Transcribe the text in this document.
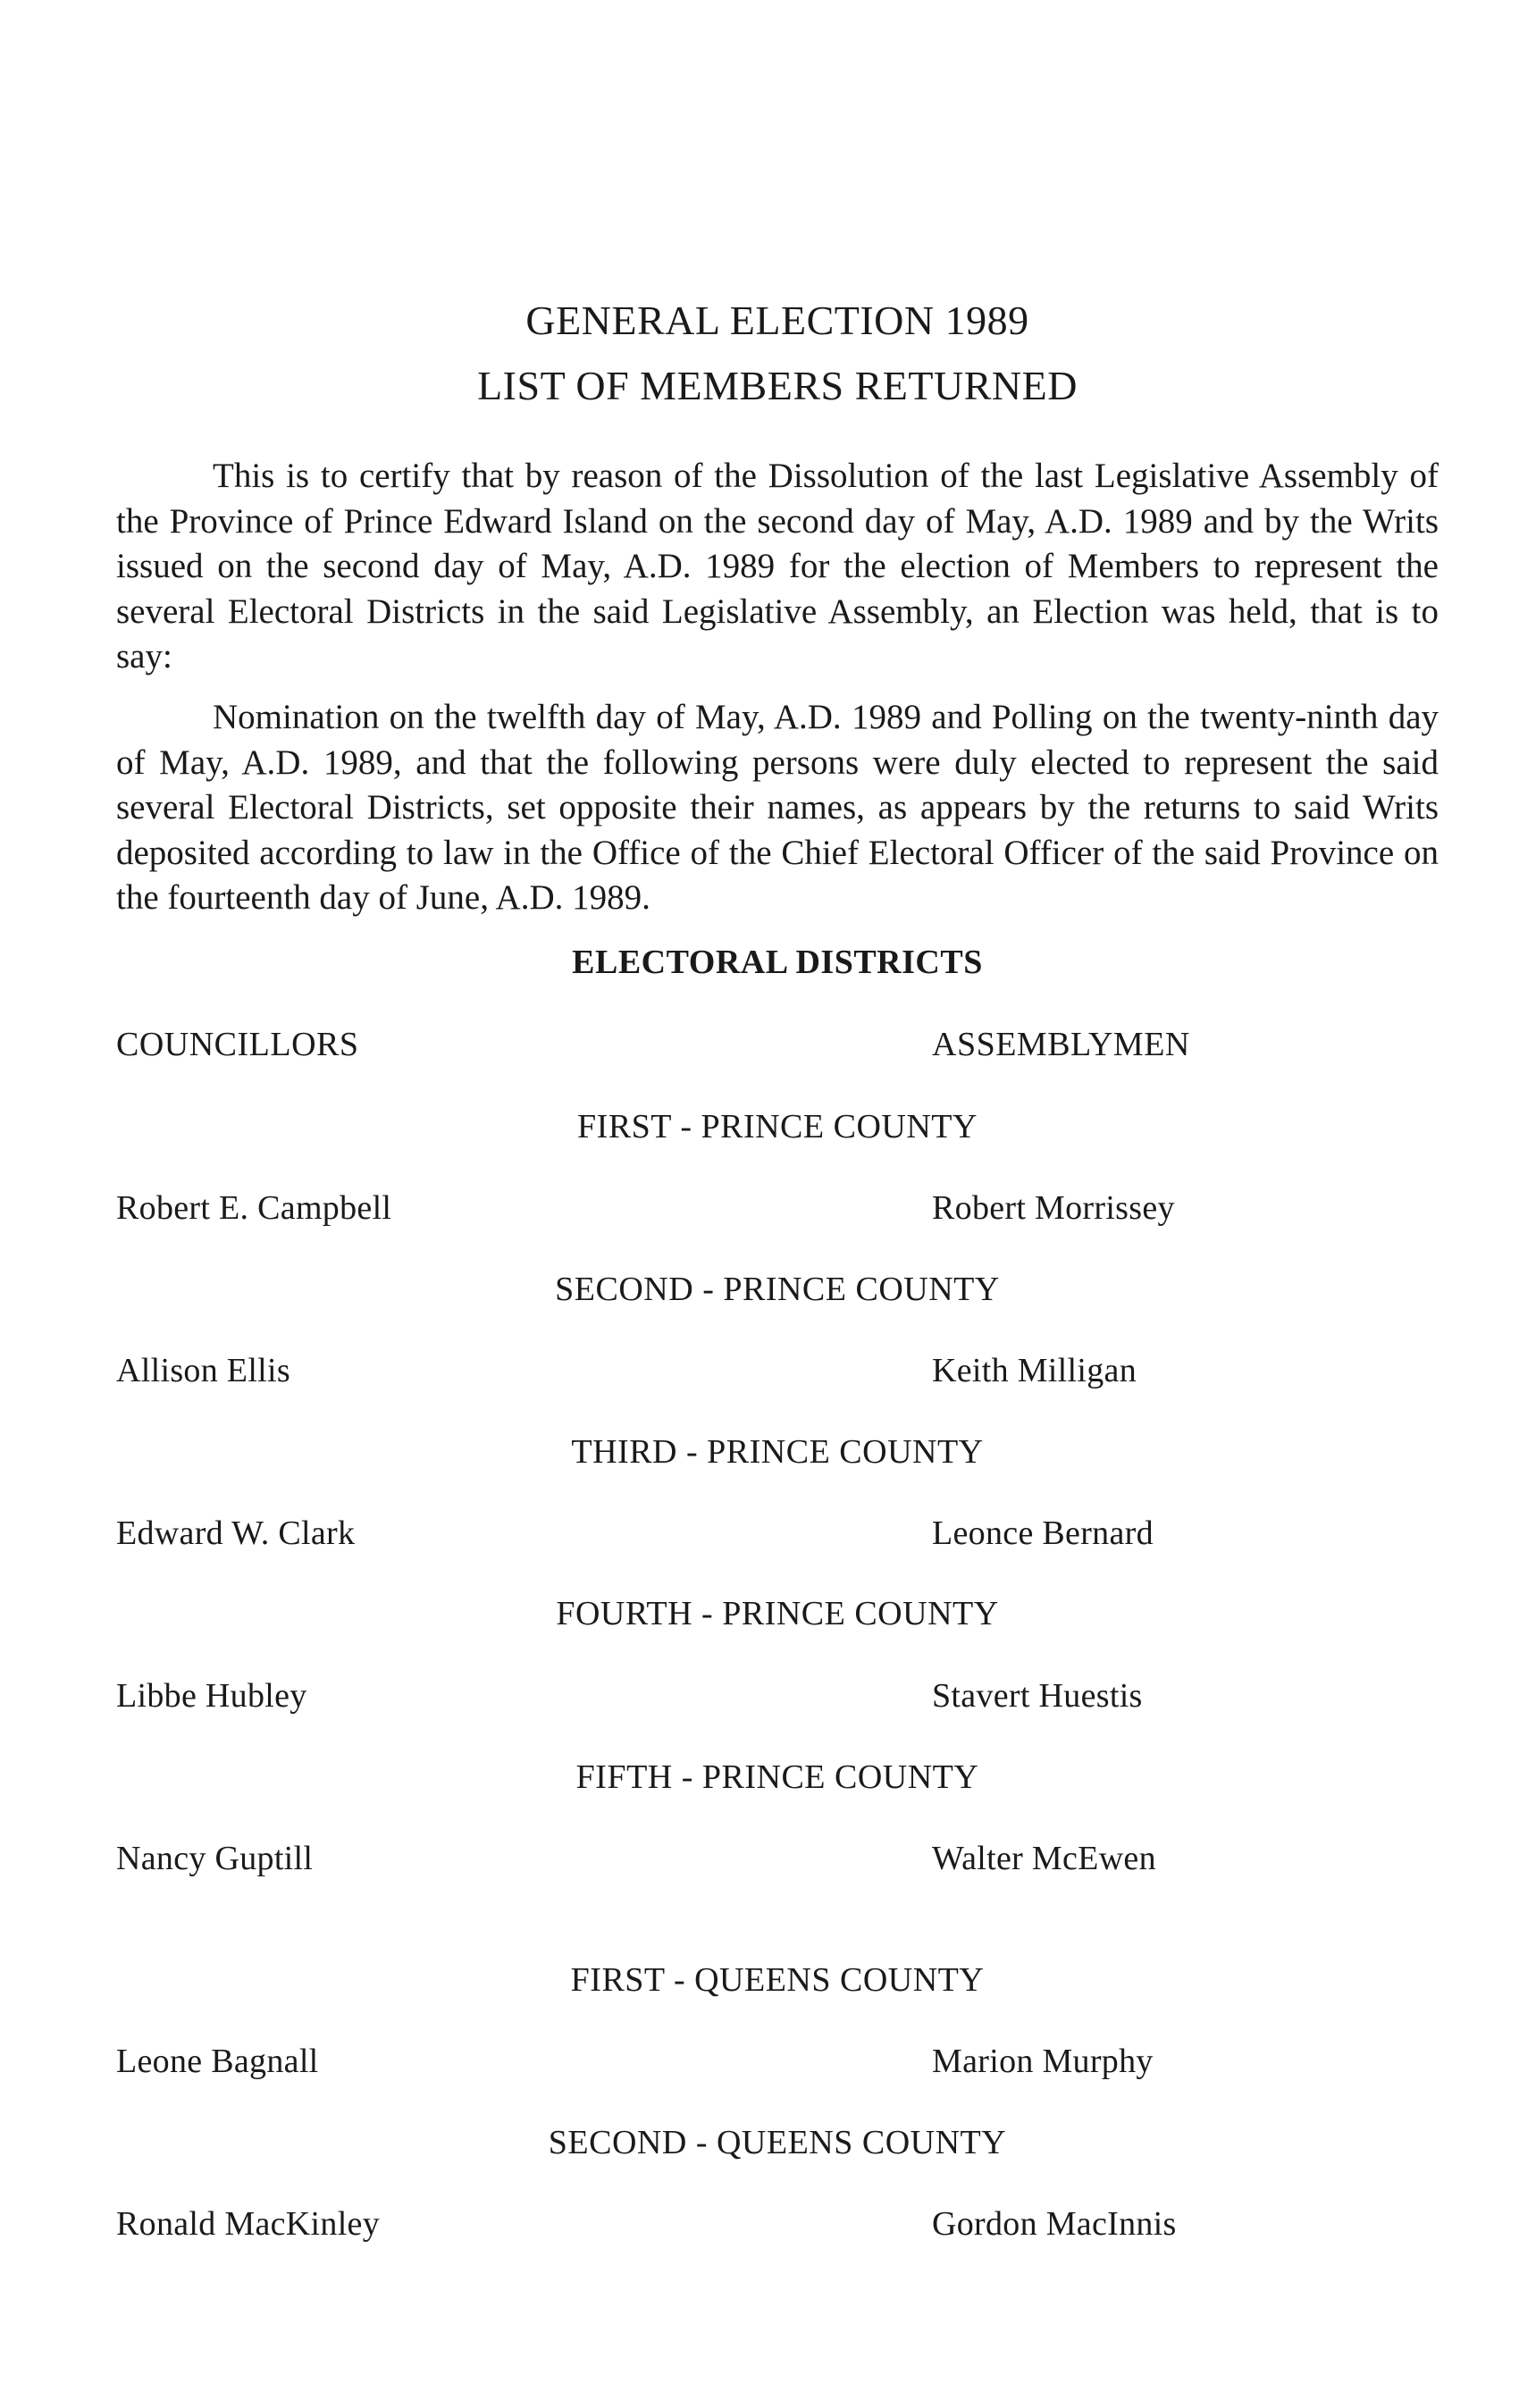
GENERAL ELECTION 1989
LIST OF MEMBERS RETURNED

This is to certify that by reason of the Dissolution of the last Legislative Assembly of the Province of Prince Edward Island on the second day of May, A.D. 1989 and by the Writs issued on the second day of May, A.D. 1989 for the election of Members to represent the several Electoral Districts in the said Legislative Assembly, an Election was held, that is to say:

Nomination on the twelfth day of May, A.D. 1989 and Polling on the twenty-ninth day of May, A.D. 1989, and that the following persons were duly elected to represent the said several Electoral Districts, set opposite their names, as appears by the returns to said Writs deposited according to law in the Office of the Chief Electoral Officer of the said Province on the fourteenth day of June, A.D. 1989.

ELECTORAL DISTRICTS
COUNCILLORS	ASSEMBLYMEN
FIRST - PRINCE COUNTY
Robert E. Campbell	Robert Morrissey
SECOND - PRINCE COUNTY
Allison Ellis	Keith Milligan
THIRD - PRINCE COUNTY
Edward W. Clark	Leonce Bernard
FOURTH - PRINCE COUNTY
Libbe Hubley	Stavert Huestis
FIFTH - PRINCE COUNTY
Nancy Guptill	Walter McEwen
FIRST - QUEENS COUNTY
Leone Bagnall	Marion Murphy
SECOND - QUEENS COUNTY
Ronald MacKinley	Gordon MacInnis
